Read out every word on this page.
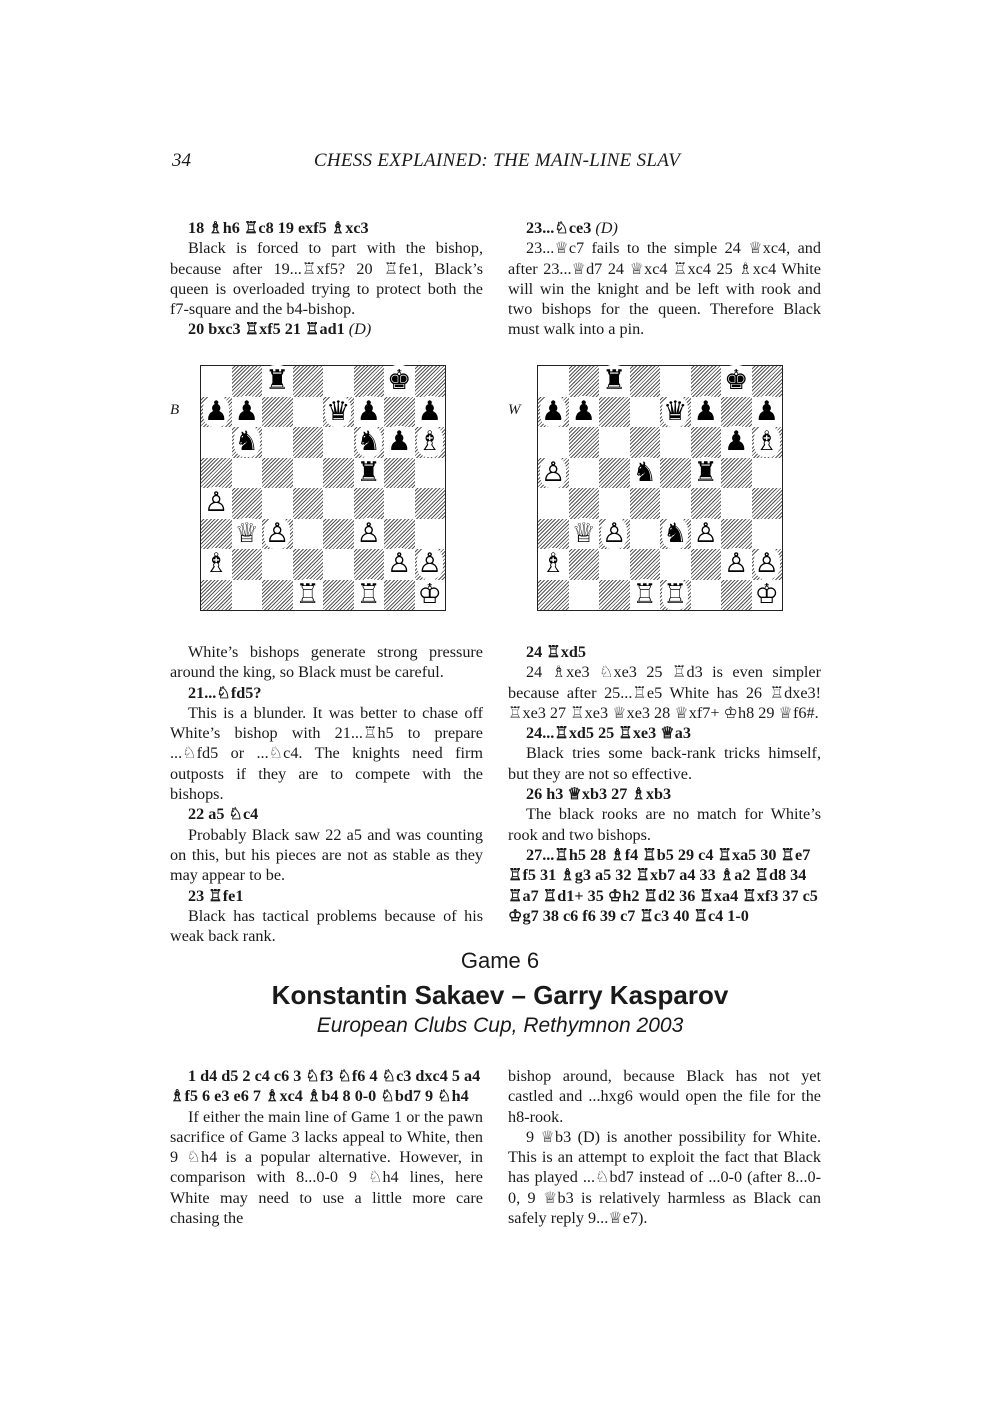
34	CHESS EXPLAINED: THE MAIN-LINE SLAV

18 ♗h6 ♖c8 19 exf5 ♗xc3

Black is forced to part with the bishop, because after 19...♖xf5? 20 ♖fe1, Black’s queen is overloaded trying to protect both the f7-square and the b4-bishop.

20 bxc3 ♖xf5 21 ♖ad1 (D)

23...♘ce3 (D)

23...♕c7 fails to the simple 24 ♕xc4, and after 23...♕d7 24 ♕xc4 ♖xc4 25 ♗xc4 White will win the knight and be left with rook and two bishops for the queen. Therefore Black must walk into a pin.

B
♜	♚
♟ ♟ ♛ ♟ ♟
♞	♞ ♟ ♗
♜
♙
♕ ♙ ♙
♗	♙ ♙
♖ ♖ ♔
W
♜	♚
♟ ♟ ♛ ♟ ♟
♟ ♗
♙ ♞ ♜
♕ ♙ ♞ ♙
♗	♙ ♙
♖ ♖ ♔

White’s bishops generate strong pressure around the king, so Black must be careful.

21...♘fd5?

This is a blunder. It was better to chase off White’s bishop with 21...♖h5 to prepare ...♘fd5 or ...♘c4. The knights need firm outposts if they are to compete with the bishops.

22 a5 ♘c4

Probably Black saw 22 a5 and was counting on this, but his pieces are not as stable as they may appear to be.

23 ♖fe1

Black has tactical problems because of his weak back rank.

24 ♖xd5

24 ♗xe3 ♘xe3 25 ♖d3 is even simpler because after 25...♖e5 White has 26 ♖dxe3! ♖xe3 27 ♖xe3 ♕xe3 28 ♕xf7+ ♔h8 29 ♕f6#.

24...♖xd5 25 ♖xe3 ♕a3

Black tries some back-rank tricks himself, but they are not so effective.

26 h3 ♕xb3 27 ♗xb3

The black rooks are no match for White’s rook and two bishops.

27...♖h5 28 ♗f4 ♖b5 29 c4 ♖xa5 30 ♖e7 ♖f5 31 ♗g3 a5 32 ♖xb7 a4 33 ♗a2 ♖d8 34 ♖a7 ♖d1+ 35 ♔h2 ♖d2 36 ♖xa4 ♖xf3 37 c5 ♔g7 38 c6 f6 39 c7 ♖c3 40 ♖c4 1-0

Game 6
Konstantin Sakaev – Garry Kasparov
European Clubs Cup, Rethymnon 2003

1 d4 d5 2 c4 c6 3 ♘f3 ♘f6 4 ♘c3 dxc4 5 a4 ♗f5 6 e3 e6 7 ♗xc4 ♗b4 8 0-0 ♘bd7 9 ♘h4

If either the main line of Game 1 or the pawn sacrifice of Game 3 lacks appeal to White, then 9 ♘h4 is a popular alternative. However, in comparison with 8...0-0 9 ♘h4 lines, here White may need to use a little more care chasing the

bishop around, because Black has not yet castled and ...hxg6 would open the file for the h8-rook.

9 ♕b3 (D) is another possibility for White. This is an attempt to exploit the fact that Black has played ...♘bd7 instead of ...0-0 (after 8...0-0, 9 ♕b3 is relatively harmless as Black can safely reply 9...♕e7).
